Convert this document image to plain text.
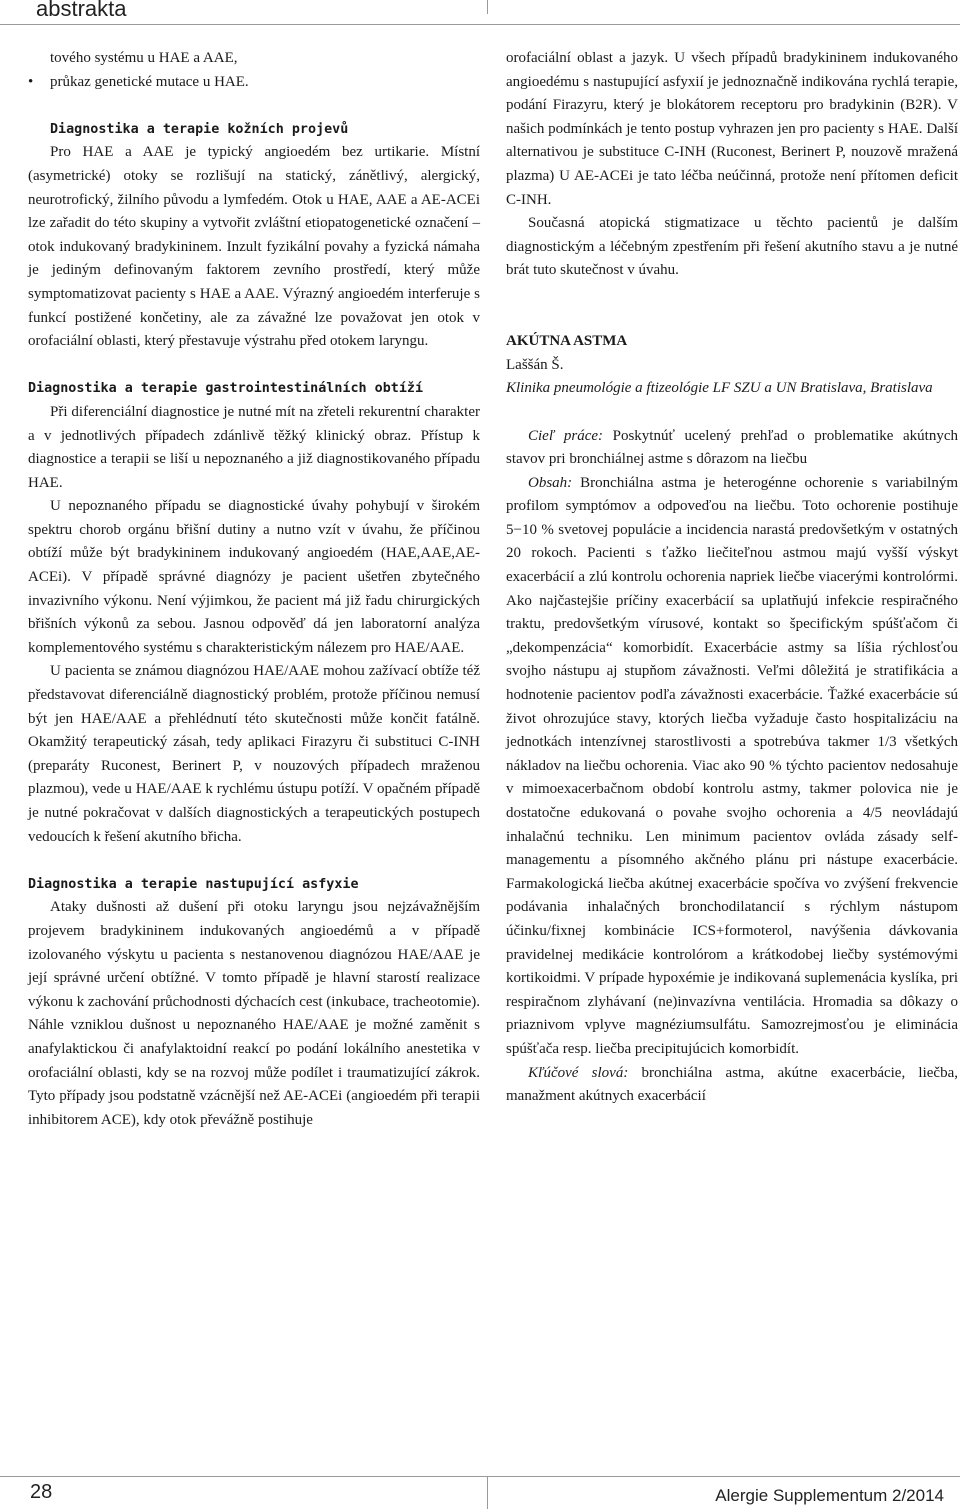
abstrakta

tového systému u HAE a AAE,

• průkaz genetické mutace u HAE.

Diagnostika a terapie kožních projevů

Pro HAE a AAE je typický angioedém bez urtikarie. Místní (asymetrické) otoky se rozlišují na statický, zánětlivý, alergický, neurotrofický, žilního původu a lymfedém. Otok u HAE, AAE a AE-ACEi lze zařadit do této skupiny a vytvořit zvláštní etiopatogenetické označení – otok indukovaný bradykininem. Inzult fyzikální povahy a fyzická námaha je jediným definovaným faktorem zevního prostředí, který může symptomatizovat pacienty s HAE a AAE. Výrazný angioedém interferuje s funkcí postižené končetiny, ale za závažné lze považovat jen otok v orofaciální oblasti, který přestavuje výstrahu před otokem laryngu.

Diagnostika a terapie gastrointestinálních obtíží

Při diferenciální diagnostice je nutné mít na zřeteli rekurentní charakter a v jednotlivých případech zdánlivě těžký klinický obraz. Přístup k diagnostice a terapii se liší u nepoznaného a již diagnostikovaného případu HAE.

U nepoznaného případu se diagnostické úvahy pohybují v širokém spektru chorob orgánu břišní dutiny a nutno vzít v úvahu, že příčinou obtíží může být bradykininem indukovaný angioedém (HAE,AAE,AE-ACEi). V případě správné diagnózy je pacient ušetřen zbytečného invazivního výkonu. Není výjimkou, že pacient má již řadu chirurgických břišních výkonů za sebou. Jasnou odpověď dá jen laboratorní analýza komplementového systému s charakteristickým nálezem pro HAE/AAE.

U pacienta se známou diagnózou HAE/AAE mohou zažívací obtíže též představovat diferenciálně diagnostický problém, protože příčinou nemusí být jen HAE/AAE a přehlédnutí této skutečnosti může končit fatálně. Okamžitý terapeutický zásah, tedy aplikaci Firazyru či substituci C-INH (preparáty Ruconest, Berinert P, v nouzových případech mraženou plazmou), vede u HAE/AAE k rychlému ústupu potíží. V opačném případě je nutné pokračovat v dalších diagnostických a terapeutických postupech vedoucích k řešení akutního břicha.

Diagnostika a terapie nastupující asfyxie

Ataky dušnosti až dušení při otoku laryngu jsou nejzávažnějším projevem bradykininem indukovaných angioedémů a v případě izolovaného výskytu u pacienta s nestanovenou diagnózou HAE/AAE je její správné určení obtížné. V tomto případě je hlavní starostí realizace výkonu k zachování průchodnosti dýchacích cest (inkubace, tracheotomie). Náhle vzniklou dušnost u nepoznaného HAE/AAE je možné zaměnit s anafylaktickou či anafylaktoidní reakcí po podání lokálního anestetika v orofaciální oblasti, kdy se na rozvoj může podílet i traumatizující zákrok. Tyto případy jsou podstatně vzácnější než AE-ACEi (angioedém při terapii inhibitorem ACE), kdy otok převážně postihuje

orofaciální oblast a jazyk. U všech případů bradykininem indukovaného angioedému s nastupující asfyxií je jednoznačně indikována rychlá terapie, podání Firazyru, který je blokátorem receptoru pro bradykinin (B2R). V našich podmínkách je tento postup vyhrazen jen pro pacienty s HAE. Další alternativou je substituce C-INH (Ruconest, Berinert P, nouzově mražená plazma) U AE-ACEi je tato léčba neúčinná, protože není přítomen deficit C-INH.

Současná atopická stigmatizace u těchto pacientů je dalším diagnostickým a léčebným zpestřením při řešení akutního stavu a je nutné brát tuto skutečnost v úvahu.

AKÚTNA ASTMA

Laššán Š.

Klinika pneumológie a ftizeológie LF SZU a UN Bratislava, Bratislava

Cieľ práce: Poskytnúť ucelený prehľad o problematike akútnych stavov pri bronchiálnej astme s dôrazom na liečbu

Obsah: Bronchiálna astma je heterogénne ochorenie s variabilným profilom symptómov a odpoveďou na liečbu. Toto ochorenie postihuje 5−10 % svetovej populácie a incidencia narastá predovšetkým v ostatných 20 rokoch. Pacienti s ťažko liečiteľnou astmou majú vyšší výskyt exacerbácií a zlú kontrolu ochorenia napriek liečbe viacerými kontrolórmi. Ako najčastejšie príčiny exacerbácií sa uplatňujú infekcie respiračného traktu, predovšetkým vírusové, kontakt so špecifickým spúšťačom či „dekompenzácia“ komorbidít. Exacerbácie astmy sa líšia rýchlosťou svojho nástupu aj stupňom závažnosti. Veľmi dôležitá je stratifikácia a hodnotenie pacientov podľa závažnosti exacerbácie. Ťažké exacerbácie sú život ohrozujúce stavy, ktorých liečba vyžaduje často hospitalizáciu na jednotkách intenzívnej starostlivosti a spotrebúva takmer 1/3 všetkých nákladov na liečbu ochorenia. Viac ako 90 % týchto pacientov nedosahuje v mimoexacerbačnom období kontrolu astmy, takmer polovica nie je dostatočne edukovaná o povahe svojho ochorenia a 4/5 neovládajú inhalačnú techniku. Len minimum pacientov ovláda zásady self-managementu a písomného akčného plánu pri nástupe exacerbácie. Farmakologická liečba akútnej exacerbácie spočíva vo zvýšení frekvencie podávania inhalačných bronchodilatancií s rýchlym nástupom účinku/fixnej kombinácie ICS+formoterol, navýšenia dávkovania pravidelnej medikácie kontrolórom a krátkodobej liečby systémovými kortikoidmi. V prípade hypoxémie je indikovaná suplemenácia kyslíka, pri respiračnom zlyhávaní (ne)invazívna ventilácia. Hromadia sa dôkazy o priaznivom vplyve magnéziumsulfátu. Samozrejmosťou je eliminácia spúšťača resp. liečba precipitujúcich komorbidít.

Kľúčové slová: bronchiálna astma, akútne exacerbácie, liečba, manažment akútnych exacerbácií

28	Alergie Supplementum 2/2014
